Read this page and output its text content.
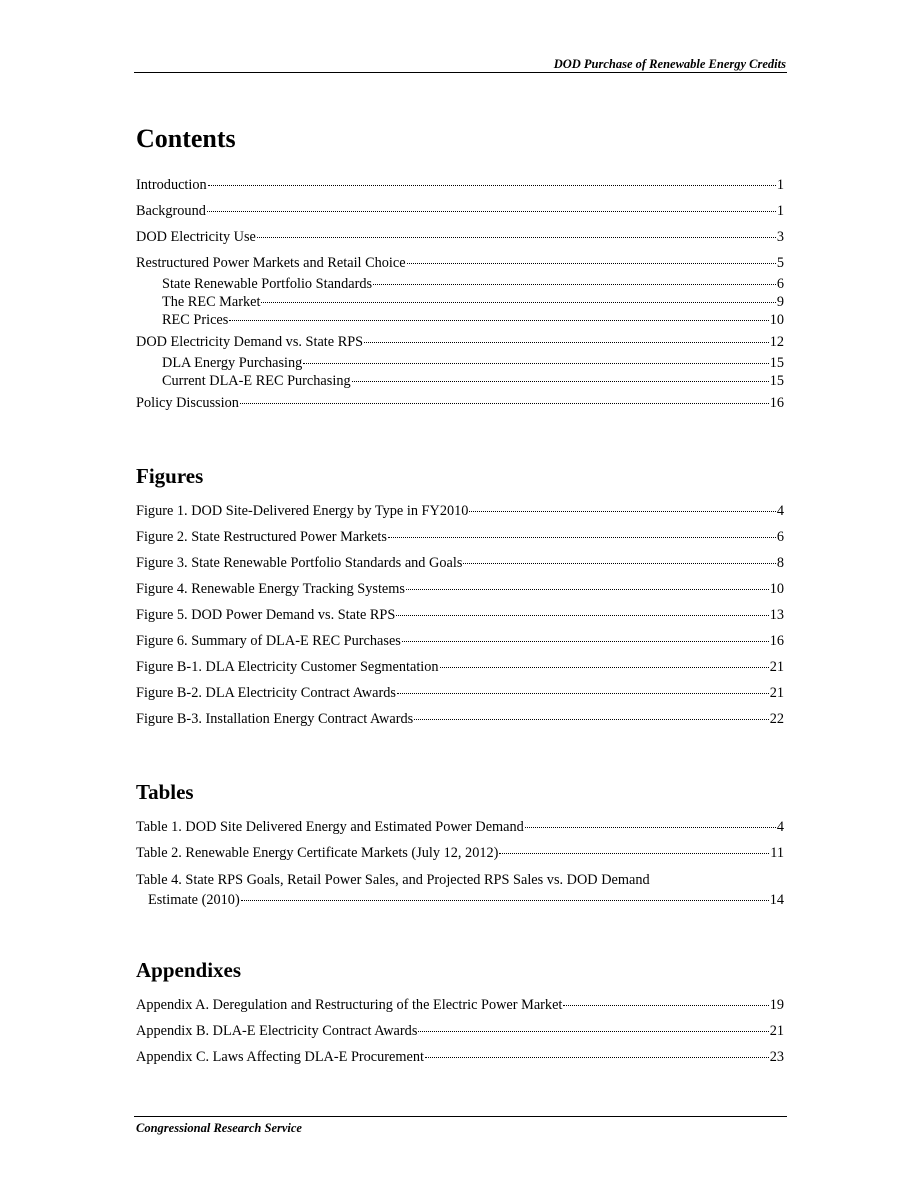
DOD Purchase of Renewable Energy Credits
Contents
Introduction	1
Background	1
DOD Electricity Use	3
Restructured Power Markets and Retail Choice	5
State Renewable Portfolio Standards	6
The REC Market	9
REC Prices	10
DOD Electricity Demand vs. State RPS	12
DLA Energy Purchasing	15
Current DLA-E REC Purchasing	15
Policy Discussion	16
Figures
Figure 1. DOD Site-Delivered Energy by Type in FY2010	4
Figure 2. State Restructured Power Markets	6
Figure 3. State Renewable Portfolio Standards and Goals	8
Figure 4. Renewable Energy Tracking Systems	10
Figure 5. DOD Power Demand vs. State RPS	13
Figure 6. Summary of DLA-E REC Purchases	16
Figure B-1. DLA Electricity Customer Segmentation	21
Figure B-2. DLA Electricity Contract Awards	21
Figure B-3. Installation Energy Contract Awards	22
Tables
Table 1. DOD Site Delivered Energy and Estimated Power Demand	4
Table 2. Renewable Energy Certificate Markets (July 12, 2012)	11
Table 4. State RPS Goals, Retail Power Sales, and Projected RPS Sales vs. DOD Demand
Estimate (2010)	14
Appendixes
Appendix A. Deregulation and Restructuring of the Electric Power Market	19
Appendix B. DLA-E Electricity Contract Awards	21
Appendix C. Laws Affecting DLA-E Procurement	23
Congressional Research Service
